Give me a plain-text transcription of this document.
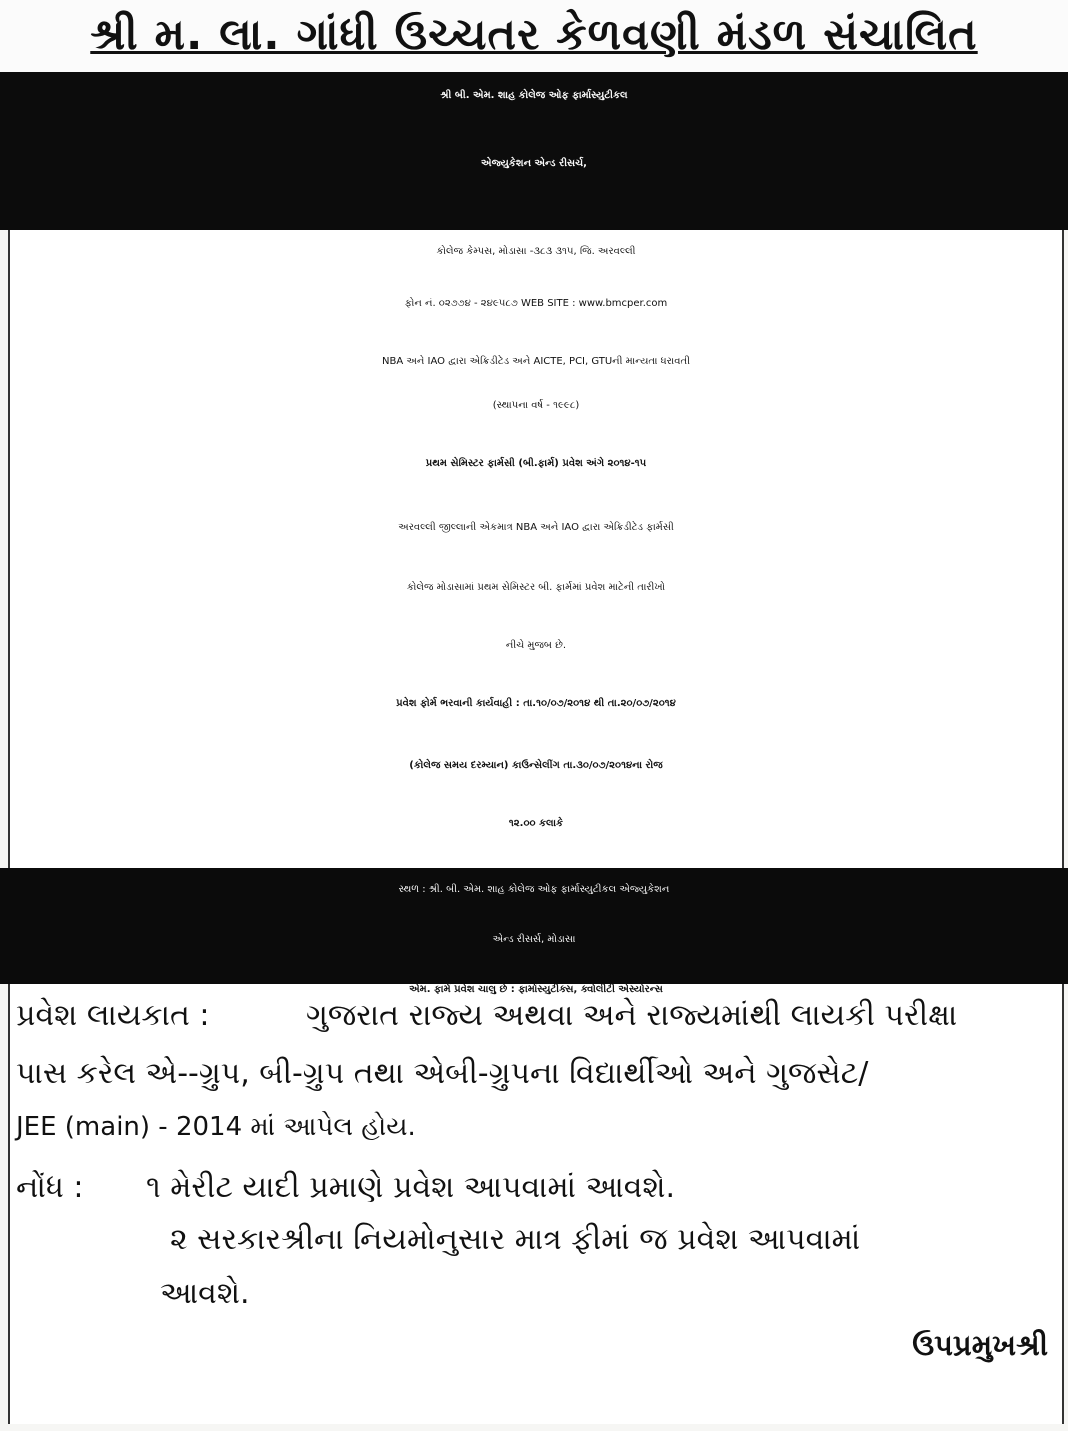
શ્રી મ. લા. ગાંધી ઉચ્ચતર કેળવણી મંડળ સંચાલિત
શ્રી બી. એમ. શાહ કોલેજ ઓફ ફાર્માસ્યુટીકલ
એજ્યુકેશન એન્ડ રીસર્ચ,
કોલેજ કેમ્પસ, મોડાસા -૩૮૩ ૩૧૫, જિ. અરવલ્લી
ફોન નં. ૦૨૭૭૪ - ૨૪૯૫૮૭ WEB SITE : www.bmcper.com
NBA અને IAO દ્વારા એક્રિડીટેડ અને AICTE, PCI, GTUની માન્યતા ધરાવતી
(સ્થાપના વર્ષ - ૧૯૯૮)
પ્રથમ સેમિસ્ટર ફાર્મસી (બી.ફાર્મ) પ્રવેશ અંગે ૨૦૧૪-૧૫
અરવલ્લી જીલ્લાની એકમાત્ર NBA અને IAO દ્વારા એક્રિડીટેડ ફાર્મસી
કોલેજ મોડાસામાં પ્રથમ સેમિસ્ટર બી. ફાર્મમાં પ્રવેશ માટેની તારીખો
નીચે મુજબ છે.
પ્રવેશ ફોર્મ ભરવાની કાર્યવાહી : તા.૧૦/૦૭/૨૦૧૪ થી તા.૨૦/૦૭/૨૦૧૪
(કોલેજ સમય દરમ્યાન) કાઉન્સેલીંગ તા.૩૦/૦૭/૨૦૧૪ના રોજ
૧૨.૦૦ કલાકે
સ્થળ : શ્રી. બી. એમ. શાહ કોલેજ ઓફ ફાર્માસ્યુટીકલ એજ્યુકેશન
એન્ડ રીસર્સ, મોડાસા
પ્રવેશ લાયકાત :	ગુજરાત રાજ્ય અથવા અને રાજ્યમાંથી લાયકી પરીક્ષા
પાસ કરેલ એ--ગ્રુપ, બી-ગ્રુપ તથા એબી-ગ્રુપના વિદ્યાર્થીઓ અને ગુજસેટ/
JEE (main) - 2014 માં આપેલ હોય.
નોંધ : ૧ મેરીટ યાદી પ્રમાણે પ્રવેશ આપવામાં આવશે.
૨ સરકારશ્રીના નિયમોનુસાર માત્ર ફીમાં જ પ્રવેશ આપવામાં
આવશે.
ઉપપ્રમુખશ્રી
એમ. ફાર્મ પ્રવેશ ચાલુ છે : ફાર્માસ્યુટીક્સ, ક્વોલીટી એસ્યોરન્સ
